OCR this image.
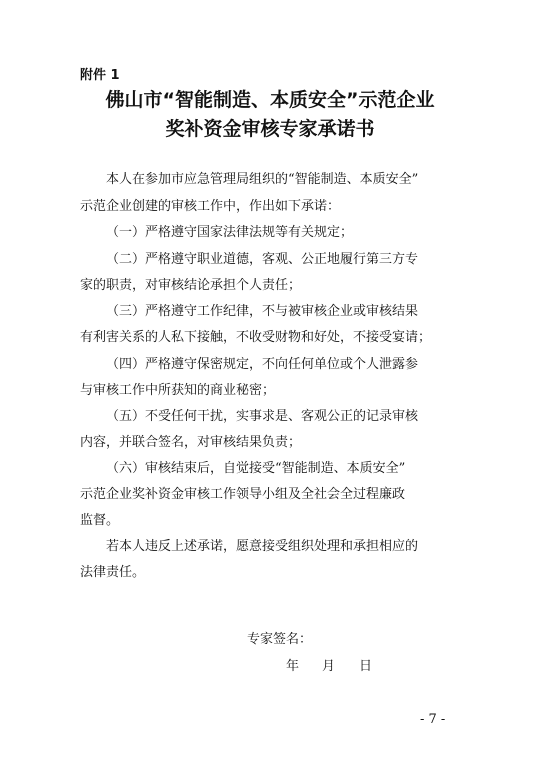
附件 1
佛山市“智能制造、本质安全”示范企业
奖补资金审核专家承诺书
本人在参加市应急管理局组织的“智能制造、本质安全”
示范企业创建的审核工作中，作出如下承诺：
（一）严格遵守国家法律法规等有关规定；
（二）严格遵守职业道德，客观、公正地履行第三方专
家的职责，对审核结论承担个人责任；
（三）严格遵守工作纪律，不与被审核企业或审核结果
有利害关系的人私下接触，不收受财物和好处，不接受宴请；
（四）严格遵守保密规定，不向任何单位或个人泄露参
与审核工作中所获知的商业秘密；
（五）不受任何干扰，实事求是、客观公正的记录审核
内容，并联合签名，对审核结果负责；
（六）审核结束后，自觉接受“智能制造、本质安全”
示范企业奖补资金审核工作领导小组及全社会全过程廉政
监督。
若本人违反上述承诺，愿意接受组织处理和承担相应的
法律责任。
专家签名：
年 月 日
- 7 -
